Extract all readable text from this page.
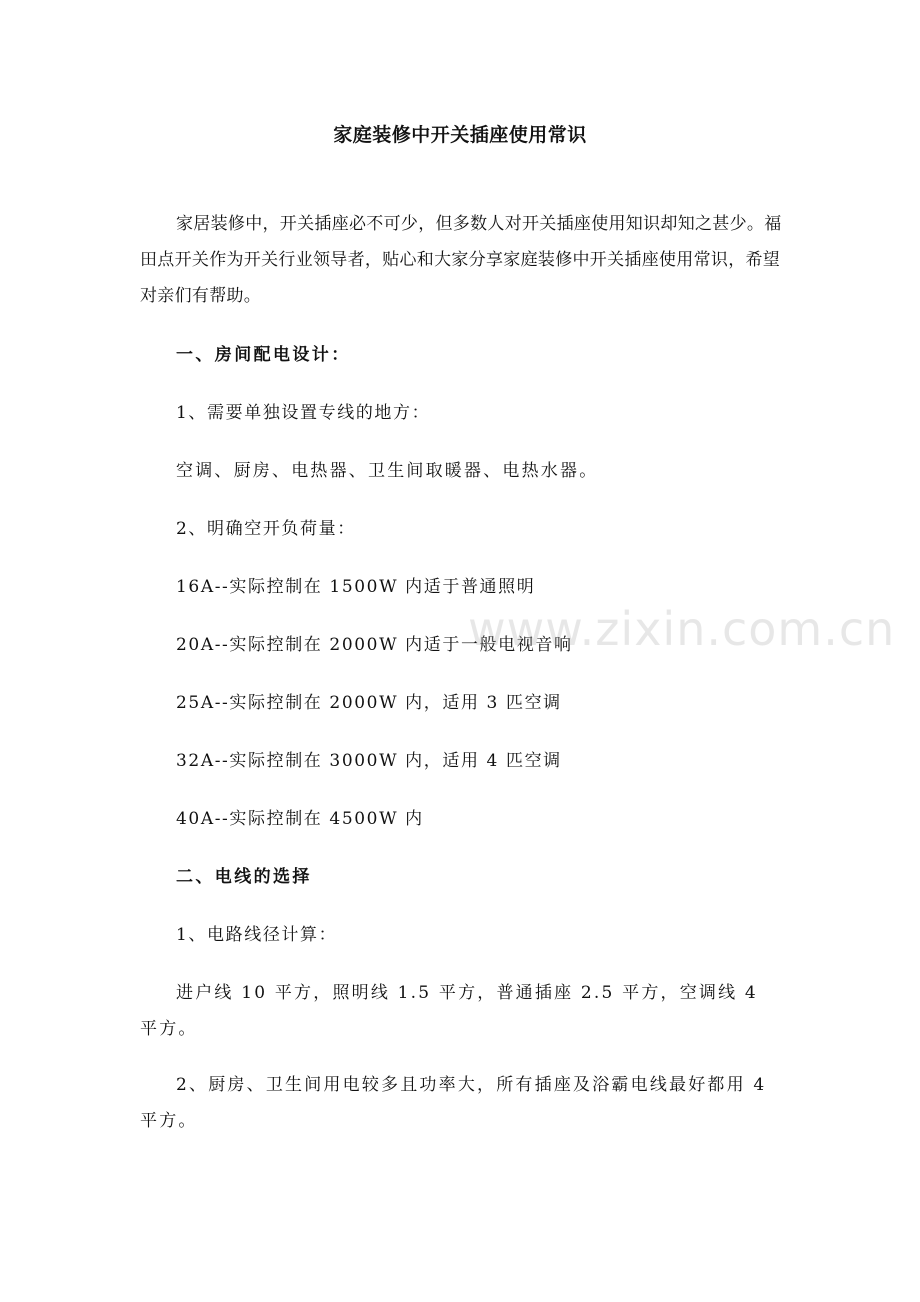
家庭装修中开关插座使用常识
家居装修中，开关插座必不可少，但多数人对开关插座使用知识却知之甚少。福田点开关作为开关行业领导者，贴心和大家分享家庭装修中开关插座使用常识，希望对亲们有帮助。
一、房间配电设计：
1、需要单独设置专线的地方：
空调、厨房、电热器、卫生间取暖器、电热水器。
2、明确空开负荷量：
16A--实际控制在 1500W 内适于普通照明
20A--实际控制在 2000W 内适于一般电视音响
25A--实际控制在 2000W 内，适用 3 匹空调
32A--实际控制在 3000W 内，适用 4 匹空调
40A--实际控制在 4500W 内
二、电线的选择
1、电路线径计算：
进户线 10 平方，照明线 1.5 平方，普通插座 2.5 平方，空调线 4 平方。
2、厨房、卫生间用电较多且功率大，所有插座及浴霸电线最好都用 4 平方。
www.zixin.com.cn
